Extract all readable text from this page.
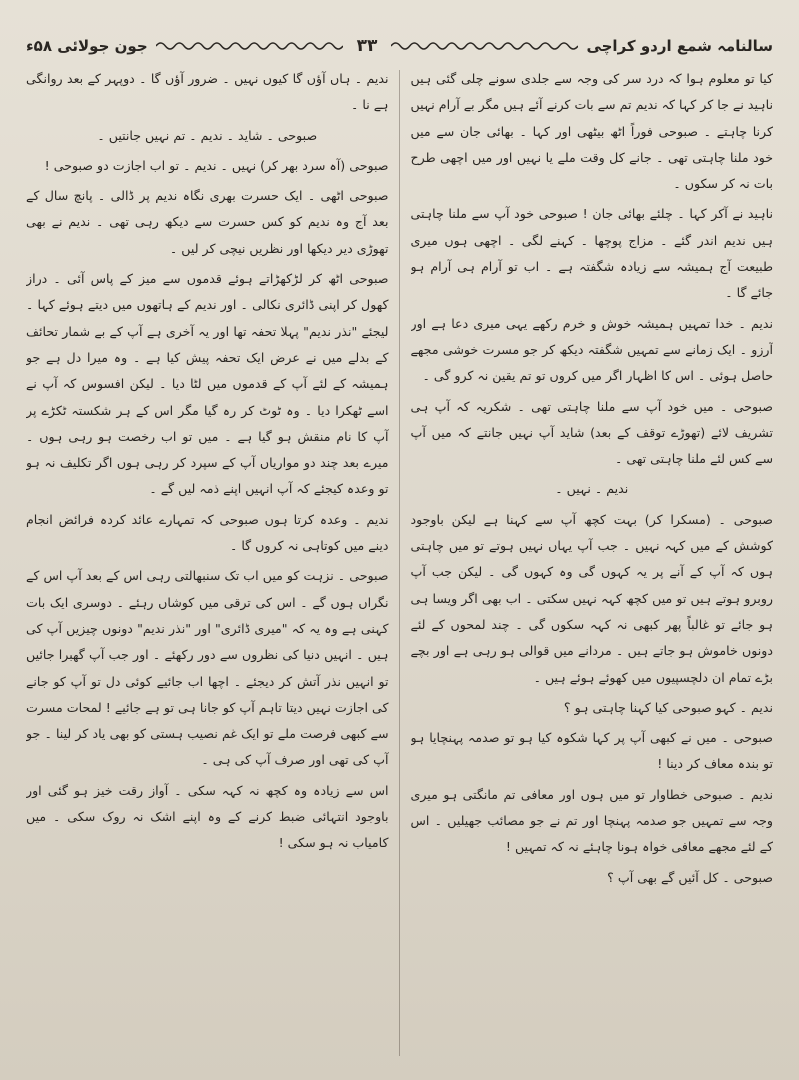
سالنامہ شمع اردو کراچی
۳۳
جون جولائی ۵۸ء

کیا تو معلوم ہوا کہ درد سر کی وجہ سے جلدی سونے چلی گئی ہیں ناہید نے جا کر کہا کہ ندیم تم سے بات کرنے آئے ہیں مگر بے آرام نہیں کرنا چاہتے ۔ صبوحی فوراً اٹھ بیٹھی اور کہا ۔ بھائی جان سے میں خود ملنا چاہتی تھی ۔ جانے کل وقت ملے یا نہیں اور میں اچھی طرح بات نہ کر سکوں ۔

ناہید نے آکر کہا ۔ چلئے بھائی جان ! صبوحی خود آپ سے ملنا چاہتی ہیں ندیم اندر گئے ۔ مزاج پوچھا ۔ کہنے لگی ۔ اچھی ہوں میری طبیعت آج ہمیشہ سے زیادہ شگفتہ ہے ۔ اب تو آرام ہی آرام ہو جائے گا ۔

ندیم ۔ خدا تمہیں ہمیشہ خوش و خرم رکھے یہی میری دعا ہے اور آرزو ۔ ایک زمانے سے تمہیں شگفتہ دیکھ کر جو مسرت خوشی مجھے حاصل ہوئی ۔ اس کا اظہار اگر میں کروں تو تم یقین نہ کرو گی ۔

صبوحی ۔ میں خود آپ سے ملنا چاہتی تھی ۔ شکریہ کہ آپ ہی تشریف لائے (تھوڑے توقف کے بعد) شاید آپ نہیں جانتے کہ میں آپ سے کس لئے ملنا چاہتی تھی ۔

ندیم ۔ نہیں ۔

صبوحی ۔ (مسکرا کر) بہت کچھ آپ سے کہنا ہے لیکن باوجود کوشش کے میں کہہ نہیں ۔ جب آپ یہاں نہیں ہوتے تو میں چاہتی ہوں کہ آپ کے آنے پر یہ کہوں گی وہ کہوں گی ۔ لیکن جب آپ روبرو ہوتے ہیں تو میں کچھ کہہ نہیں سکتی ۔ اب بھی اگر ویسا ہی ہو جائے تو غالباً پھر کبھی نہ کہہ سکوں گی ۔ چند لمحوں کے لئے دونوں خاموش ہو جاتے ہیں ۔ مردانے میں قوالی ہو رہی ہے اور بچے بڑے تمام ان دلچسپیوں میں کھوئے ہوئے ہیں ۔

ندیم ۔ کہو صبوحی کیا کہنا چاہتی ہو ؟

صبوحی ۔ میں نے کبھی آپ پر کہا شکوہ کیا ہو تو صدمہ پہنچایا ہو تو بندہ معاف کر دینا !

ندیم ۔ صبوحی خطاوار تو میں ہوں اور معافی تم مانگتی ہو میری وجہ سے تمہیں جو صدمہ پہنچا اور تم نے جو مصائب جھیلیں ۔ اس کے لئے مجھے معافی خواہ ہونا چاہئے نہ کہ تمہیں !

صبوحی ۔ کل آئیں گے بھی آپ ؟

ندیم ۔ ہاں آؤں گا کیوں نہیں ۔ ضرور آؤں گا ۔ دوپہر کے بعد روانگی ہے نا ۔

صبوحی ۔ شاید ۔ ندیم ۔ تم نہیں جانتیں ۔

صبوحی (آہ سرد بھر کر) نہیں ۔ ندیم ۔ تو اب اجازت دو صبوحی !

صبوحی اٹھی ۔ ایک حسرت بھری نگاہ ندیم پر ڈالی ۔ پانچ سال کے بعد آج وہ ندیم کو کس حسرت سے دیکھ رہی تھی ۔ ندیم نے بھی تھوڑی دیر دیکھا اور نظریں نیچی کر لیں ۔

صبوحی اٹھ کر لڑکھڑاتے ہوئے قدموں سے میز کے پاس آئی ۔ دراز کھول کر اپنی ڈائری نکالی ۔ اور ندیم کے ہاتھوں میں دیتے ہوئے کہا ۔ لیجئے "نذر ندیم" پہلا تحفہ تھا اور یہ آخری ہے آپ کے بے شمار تحائف کے بدلے میں نے عرض ایک تحفہ پیش کیا ہے ۔ وہ میرا دل ہے جو ہمیشہ کے لئے آپ کے قدموں میں لٹا دیا ۔ لیکن افسوس کہ آپ نے اسے ٹھکرا دیا ۔ وہ ٹوٹ کر رہ گیا مگر اس کے ہر شکستہ ٹکڑے پر آپ کا نام منقش ہو گیا ہے ۔ میں تو اب رخصت ہو رہی ہوں ۔ میرے بعد چند دو مواریاں آپ کے سپرد کر رہی ہوں اگر تکلیف نہ ہو تو وعدہ کیجئے کہ آپ انہیں اپنے ذمہ لیں گے ۔

ندیم ۔ وعدہ کرتا ہوں صبوحی کہ تمہارے عائد کردہ فرائض انجام دینے میں کوتاہی نہ کروں گا ۔

صبوحی ۔ نزہت کو میں اب تک سنبھالتی رہی اس کے بعد آپ اس کے نگراں ہوں گے ۔ اس کی ترقی میں کوشاں رہئے ۔ دوسری ایک بات کہنی ہے وہ یہ کہ "میری ڈائری" اور "نذر ندیم" دونوں چیزیں آپ کی ہیں ۔ انہیں دنیا کی نظروں سے دور رکھئے ۔ اور جب آپ گھبرا جائیں تو انہیں نذر آتش کر دیجئے ۔ اچھا اب جائیے کوئی دل تو آپ کو جانے کی اجازت نہیں دیتا تاہم آپ کو جانا ہی تو ہے جائیے ! لمحات مسرت سے کبھی فرصت ملے تو ایک غم نصیب ہستی کو بھی یاد کر لینا ۔ جو آپ کی تھی اور صرف آپ کی ہی ۔

اس سے زیادہ وہ کچھ نہ کہہ سکی ۔ آواز رقت خیز ہو گئی اور باوجود انتہائی ضبط کرنے کے وہ اپنے اشک نہ روک سکی ۔ میں کامیاب نہ ہو سکی !
